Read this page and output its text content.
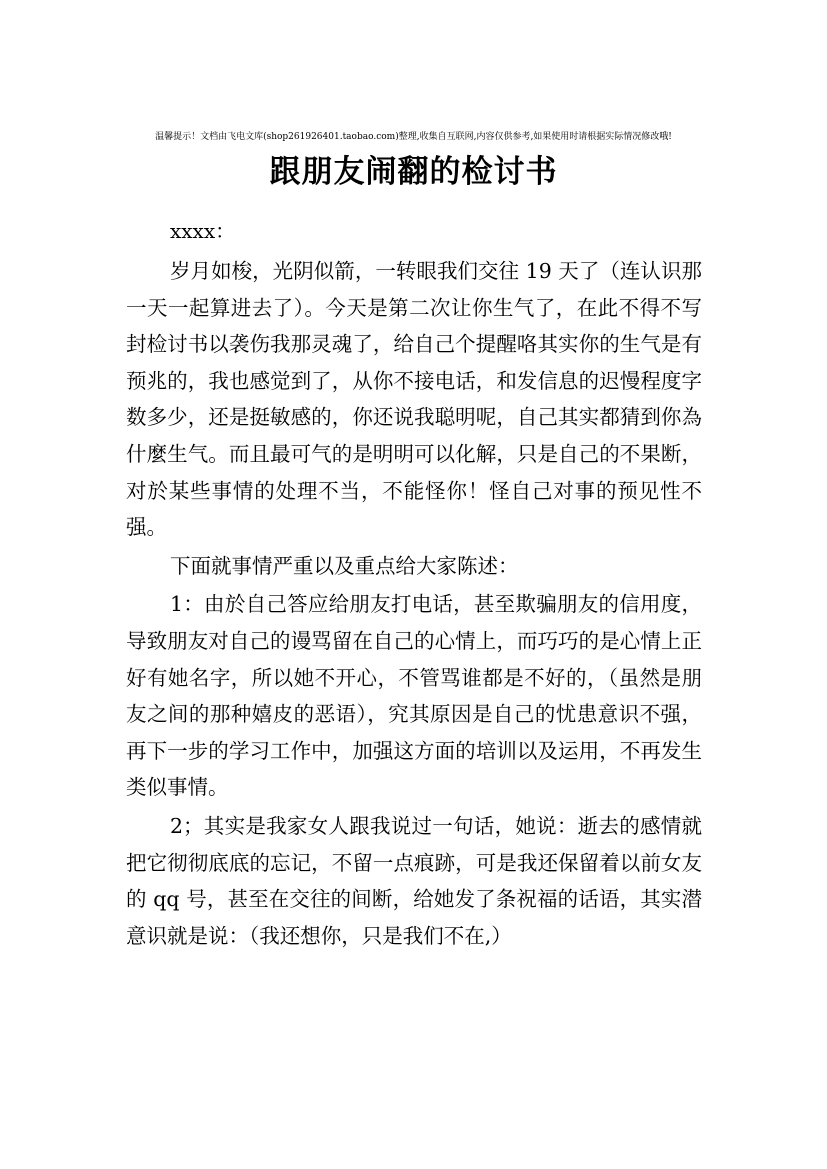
温馨提示！文档由飞电文库(shop261926401.taobao.com)整理,收集自互联网,内容仅供参考,如果使用时请根据实际情况修改哦!
跟朋友闹翻的检讨书

xxxx：

岁月如梭，光阴似箭，一转眼我们交往 19 天了（连认识那一天一起算进去了）。今天是第二次让你生气了，在此不得不写封检讨书以袭伤我那灵魂了，给自己个提醒咯其实你的生气是有预兆的，我也感觉到了，从你不接电话，和发信息的迟慢程度字数多少，还是挺敏感的，你还说我聪明呢，自己其实都猜到你為什麼生气。而且最可气的是明明可以化解，只是自己的不果断，对於某些事情的处理不当，不能怪你！怪自己对事的预见性不强。

下面就事情严重以及重点给大家陈述：

1：由於自己答应给朋友打电话，甚至欺骗朋友的信用度，导致朋友对自己的谩骂留在自己的心情上，而巧巧的是心情上正好有她名字，所以她不开心，不管骂谁都是不好的，（虽然是朋友之间的那种嬉皮的恶语），究其原因是自己的忧患意识不强，再下一步的学习工作中，加强这方面的培训以及运用，不再发生类似事情。

2；其实是我家女人跟我说过一句话，她说：逝去的感情就把它彻彻底底的忘记，不留一点痕跡，可是我还保留着以前女友的 qq 号，甚至在交往的间断，给她发了条祝福的话语，其实潜意识就是说：（我还想你，只是我们不在,）
